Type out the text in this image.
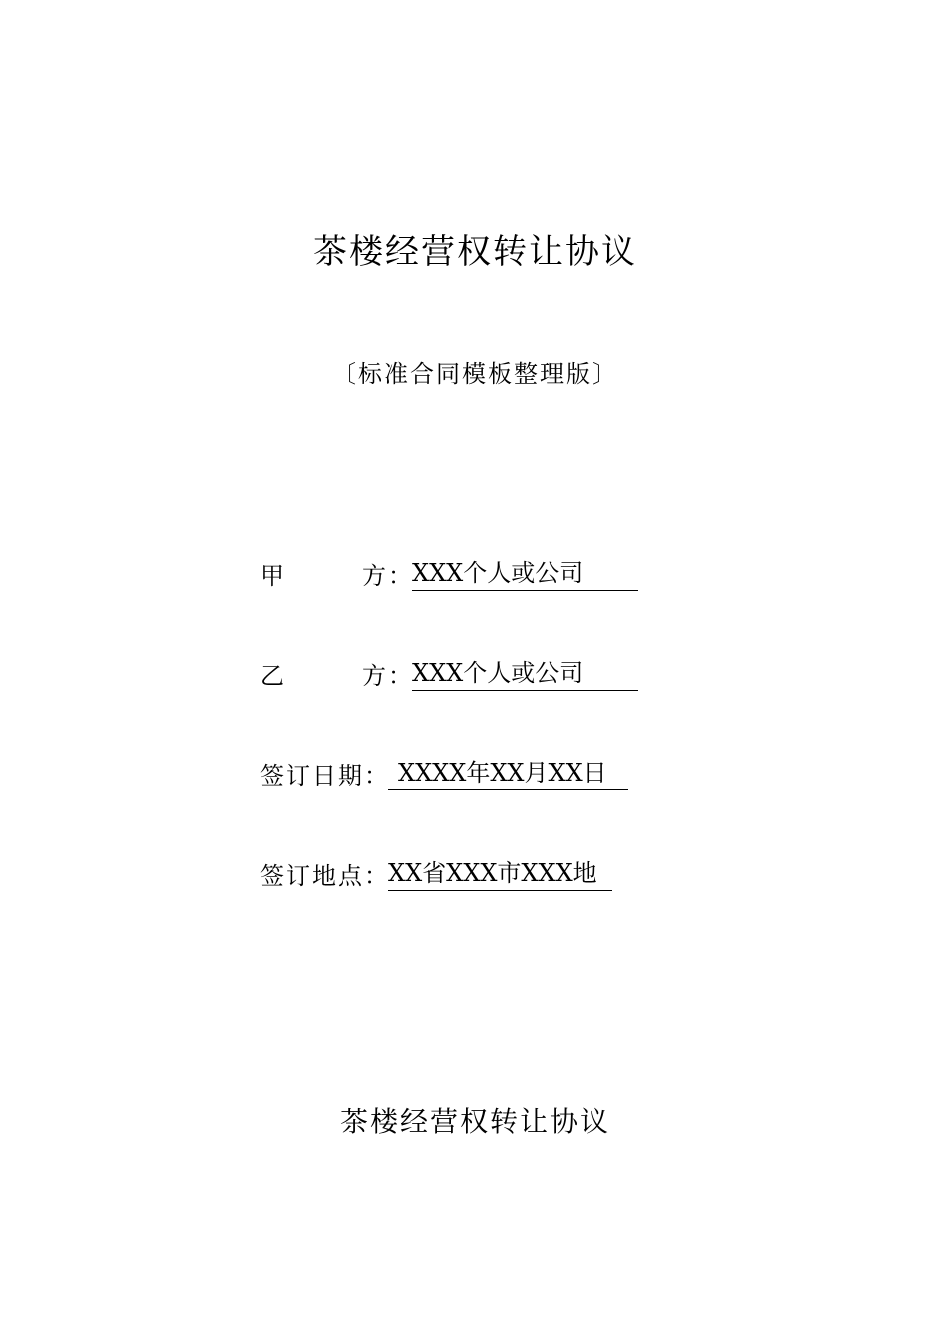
茶楼经营权转让协议
〔标准合同模板整理版〕
甲	方 ：XXX个人或公司
乙	方 ：XXX个人或公司
签订日期： XXXX年XX月XX日
签订地点：XX省XXX市XXX地
茶楼经营权转让协议
